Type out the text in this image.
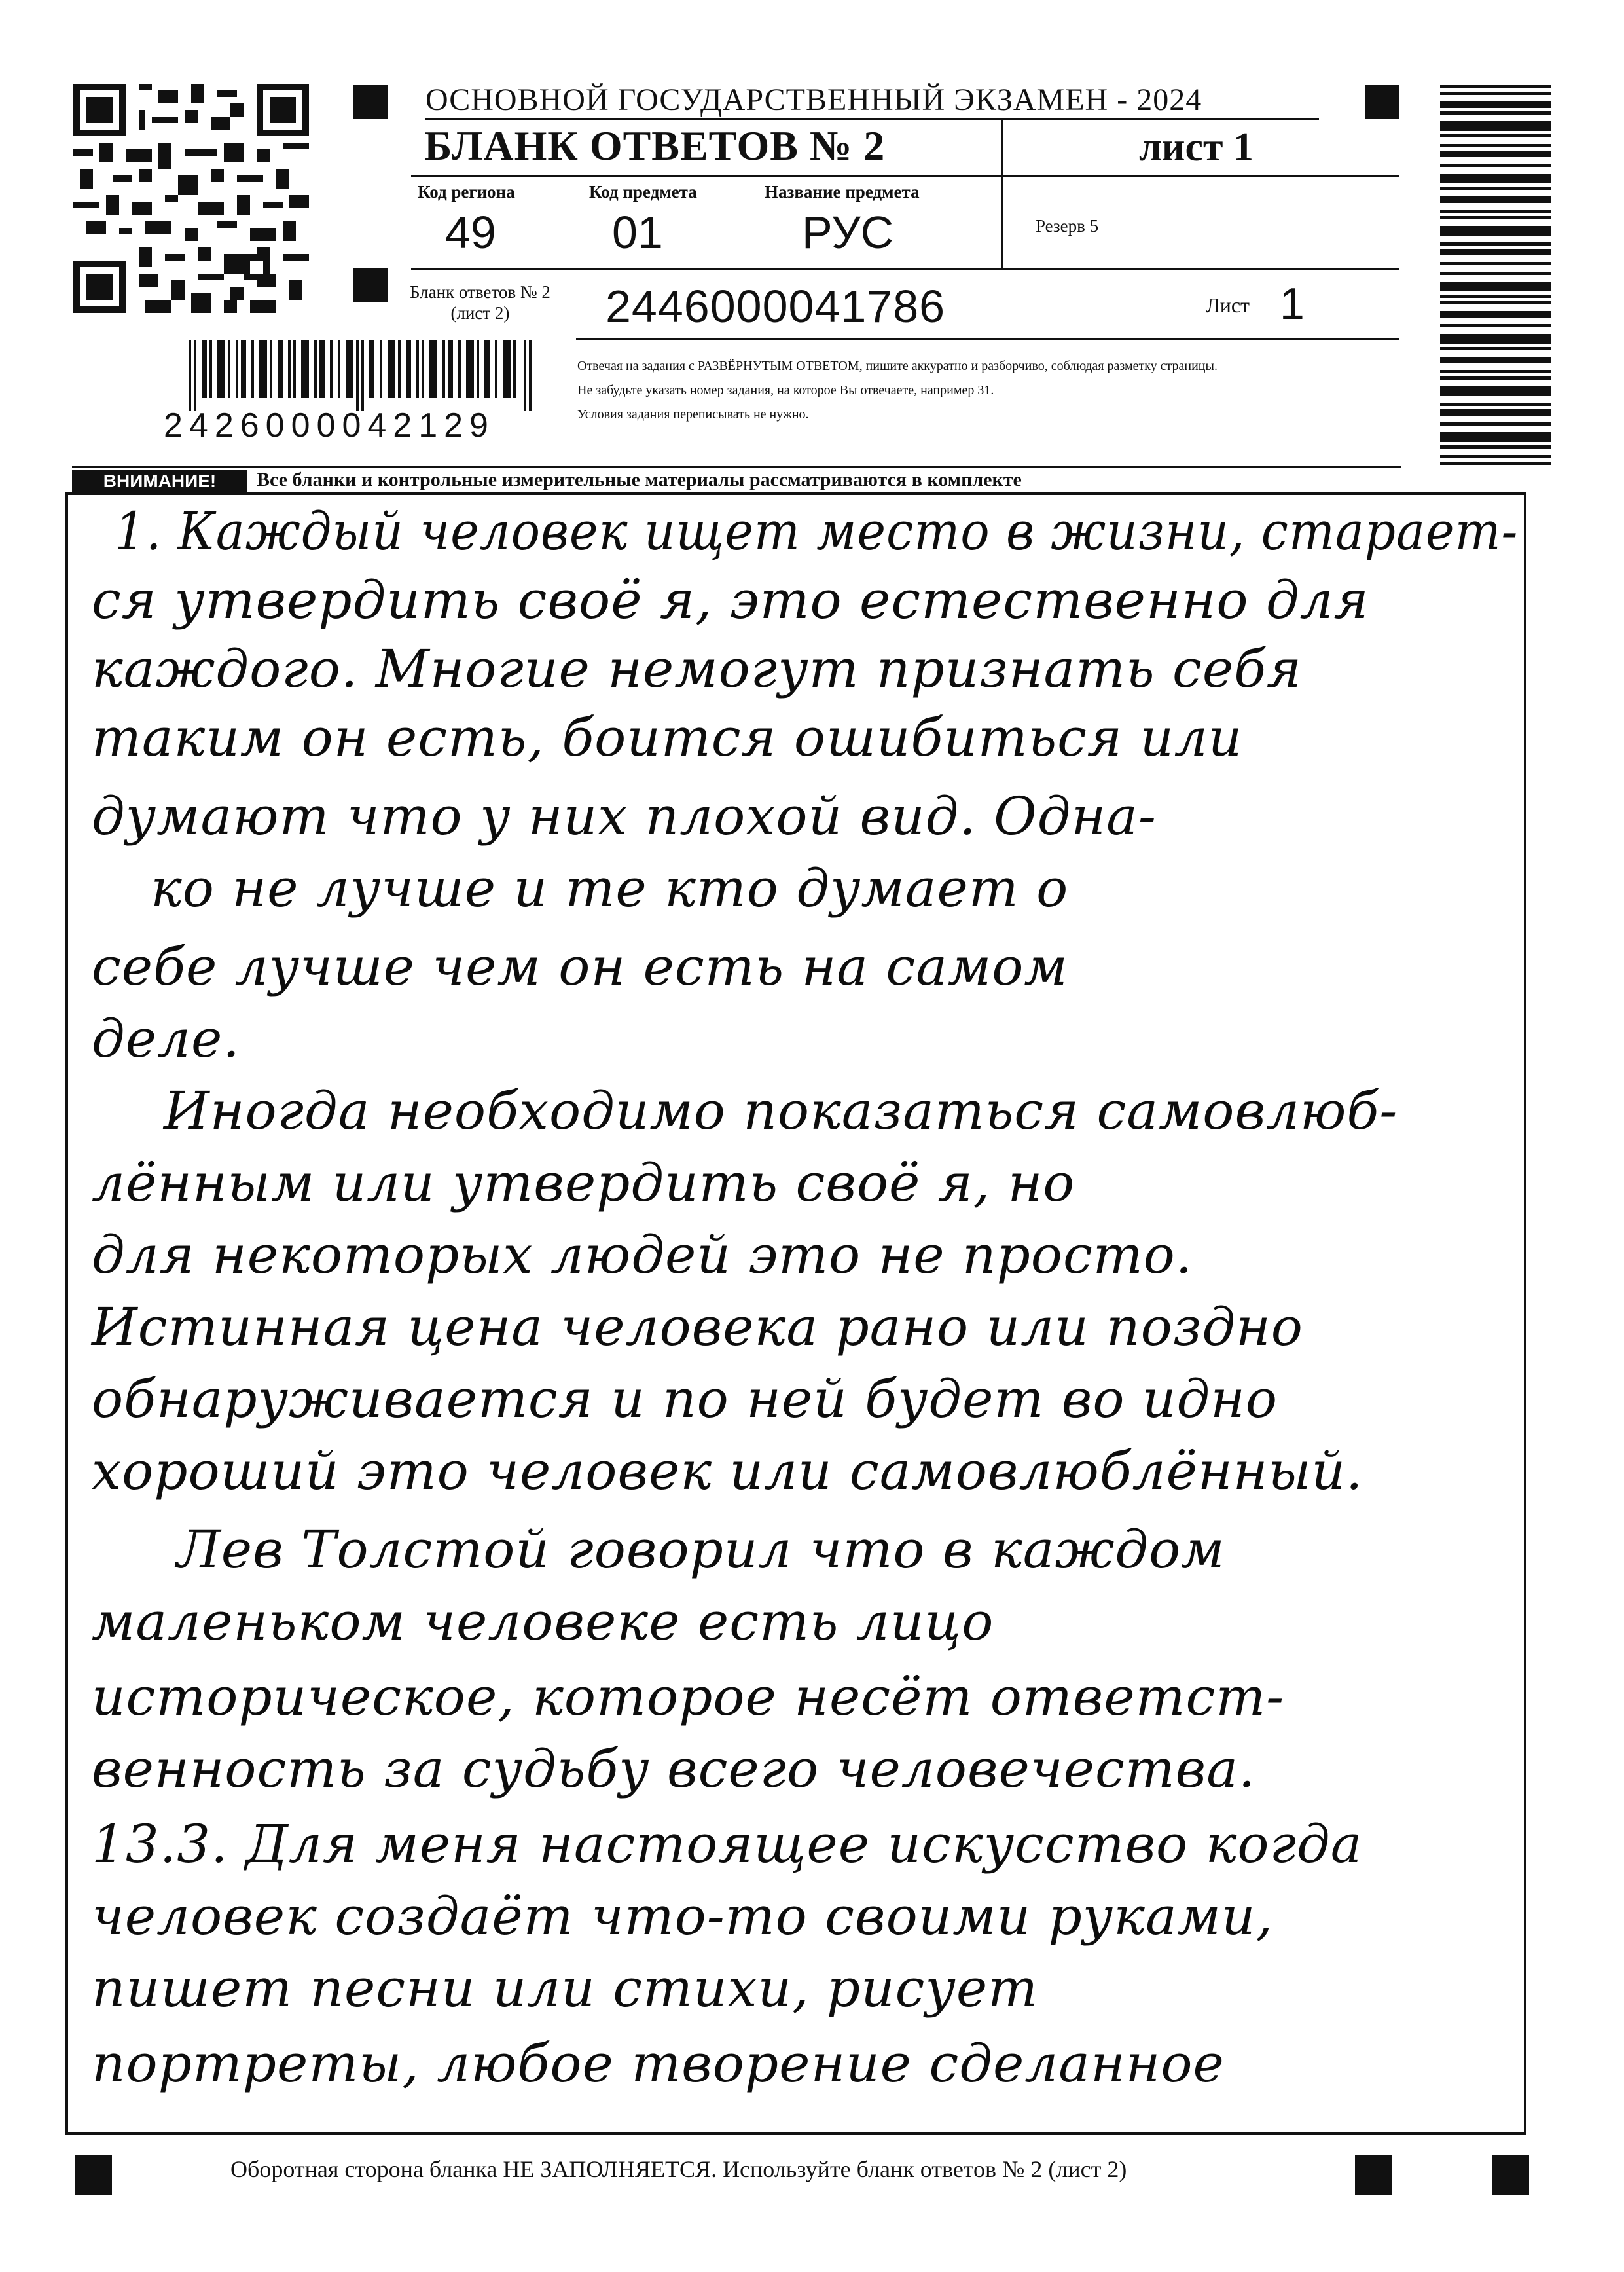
ОСНОВНОЙ ГОСУДАРСТВЕННЫЙ ЭКЗАМЕН - 2024
БЛАНК ОТВЕТОВ № 2	лист 1
Код региона	Код предмета	Название предмета
49	01	РУС	Резерв 5
Бланк ответов № 2
(лист 2)	2446000041786	Лист 1
Отвечая на задания с РАЗВЁРНУТЫМ ОТВЕТОМ, пишите аккуратно и разборчиво, соблюдая разметку страницы.
Не забудьте указать номер задания, на которое Вы отвечаете, например 31.
Условия задания переписывать не нужно.
2426000042129
ВНИМАНИЕ!	Все бланки и контрольные измерительные материалы рассматриваются в комплекте
1. Каждый человек ищет место в жизни, старает-
ся утвердить своё я, это естественно для
каждого. Многие немогут признать себя
таким он есть, боится ошибиться или
думают что у них плохой вид. Одна-
ко не лучше и те кто думает о
себе лучше чем он есть на самом
деле.
Иногда необходимо показаться самовлюб-
лённым или утвердить своё я, но
для некоторых людей это не просто.
Истинная цена человека рано или поздно
обнаруживается и по ней будет во идно
хороший это человек или самовлюблённый.
Лев Толстой говорил что в каждом
маленьком человеке есть лицо
историческое, которое несёт ответст-
венность за судьбу всего человечества.
13.3. Для меня настоящее искусство когда
человек создаёт что-то своими руками,
пишет песни или стихи, рисует
портреты, любое творение сделанное
Оборотная сторона бланка НЕ ЗАПОЛНЯЕТСЯ. Используйте бланк ответов № 2 (лист 2)
